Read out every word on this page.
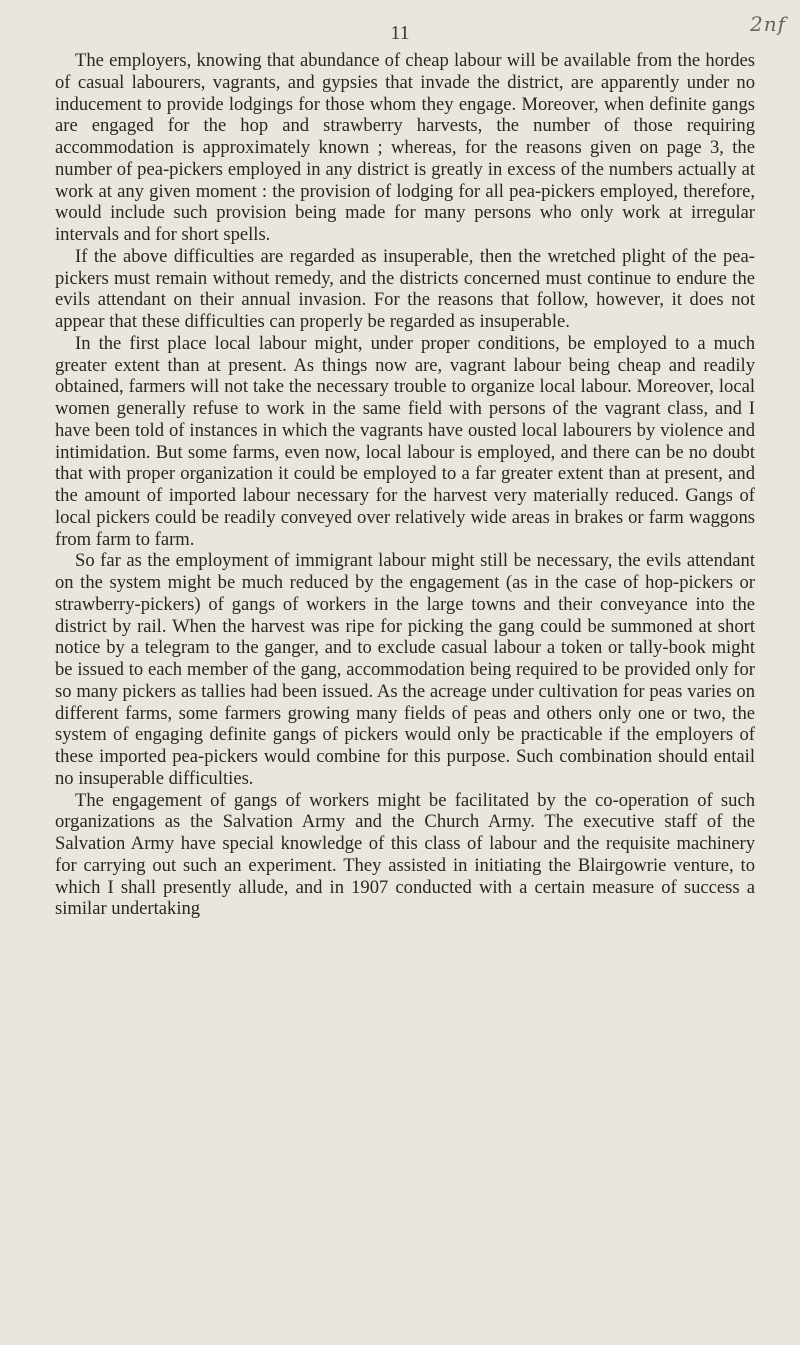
2nf
11

The employers, knowing that abundance of cheap labour will be available from the hordes of casual labourers, vagrants, and gypsies that invade the district, are apparently under no inducement to provide lodgings for those whom they engage. Moreover, when definite gangs are engaged for the hop and strawberry harvests, the number of those requiring accommodation is approximately known ; whereas, for the reasons given on page 3, the number of pea-pickers employed in any district is greatly in excess of the numbers actually at work at any given moment : the provision of lodging for all pea-pickers employed, therefore, would include such provision being made for many persons who only work at irregular intervals and for short spells.

If the above difficulties are regarded as insuperable, then the wretched plight of the pea-pickers must remain without remedy, and the districts concerned must continue to endure the evils attendant on their annual invasion. For the reasons that follow, however, it does not appear that these difficulties can properly be regarded as insuperable.

In the first place local labour might, under proper conditions, be employed to a much greater extent than at present. As things now are, vagrant labour being cheap and readily obtained, farmers will not take the necessary trouble to organize local labour. Moreover, local women generally refuse to work in the same field with persons of the vagrant class, and I have been told of instances in which the vagrants have ousted local labourers by violence and intimidation. But some farms, even now, local labour is employed, and there can be no doubt that with proper organization it could be employed to a far greater extent than at present, and the amount of imported labour necessary for the harvest very materially reduced. Gangs of local pickers could be readily conveyed over relatively wide areas in brakes or farm waggons from farm to farm.

So far as the employment of immigrant labour might still be necessary, the evils attendant on the system might be much reduced by the engagement (as in the case of hop-pickers or strawberry-pickers) of gangs of workers in the large towns and their conveyance into the district by rail. When the harvest was ripe for picking the gang could be summoned at short notice by a telegram to the ganger, and to exclude casual labour a token or tally-book might be issued to each member of the gang, accommodation being required to be provided only for so many pickers as tallies had been issued. As the acreage under cultivation for peas varies on different farms, some farmers growing many fields of peas and others only one or two, the system of engaging definite gangs of pickers would only be practicable if the employers of these imported pea-pickers would combine for this purpose. Such combination should entail no insuperable difficulties.

The engagement of gangs of workers might be facilitated by the co-operation of such organizations as the Salvation Army and the Church Army. The executive staff of the Salvation Army have special knowledge of this class of labour and the requisite machinery for carrying out such an experiment. They assisted in initiating the Blairgowrie venture, to which I shall presently allude, and in 1907 conducted with a certain measure of success a similar undertaking
